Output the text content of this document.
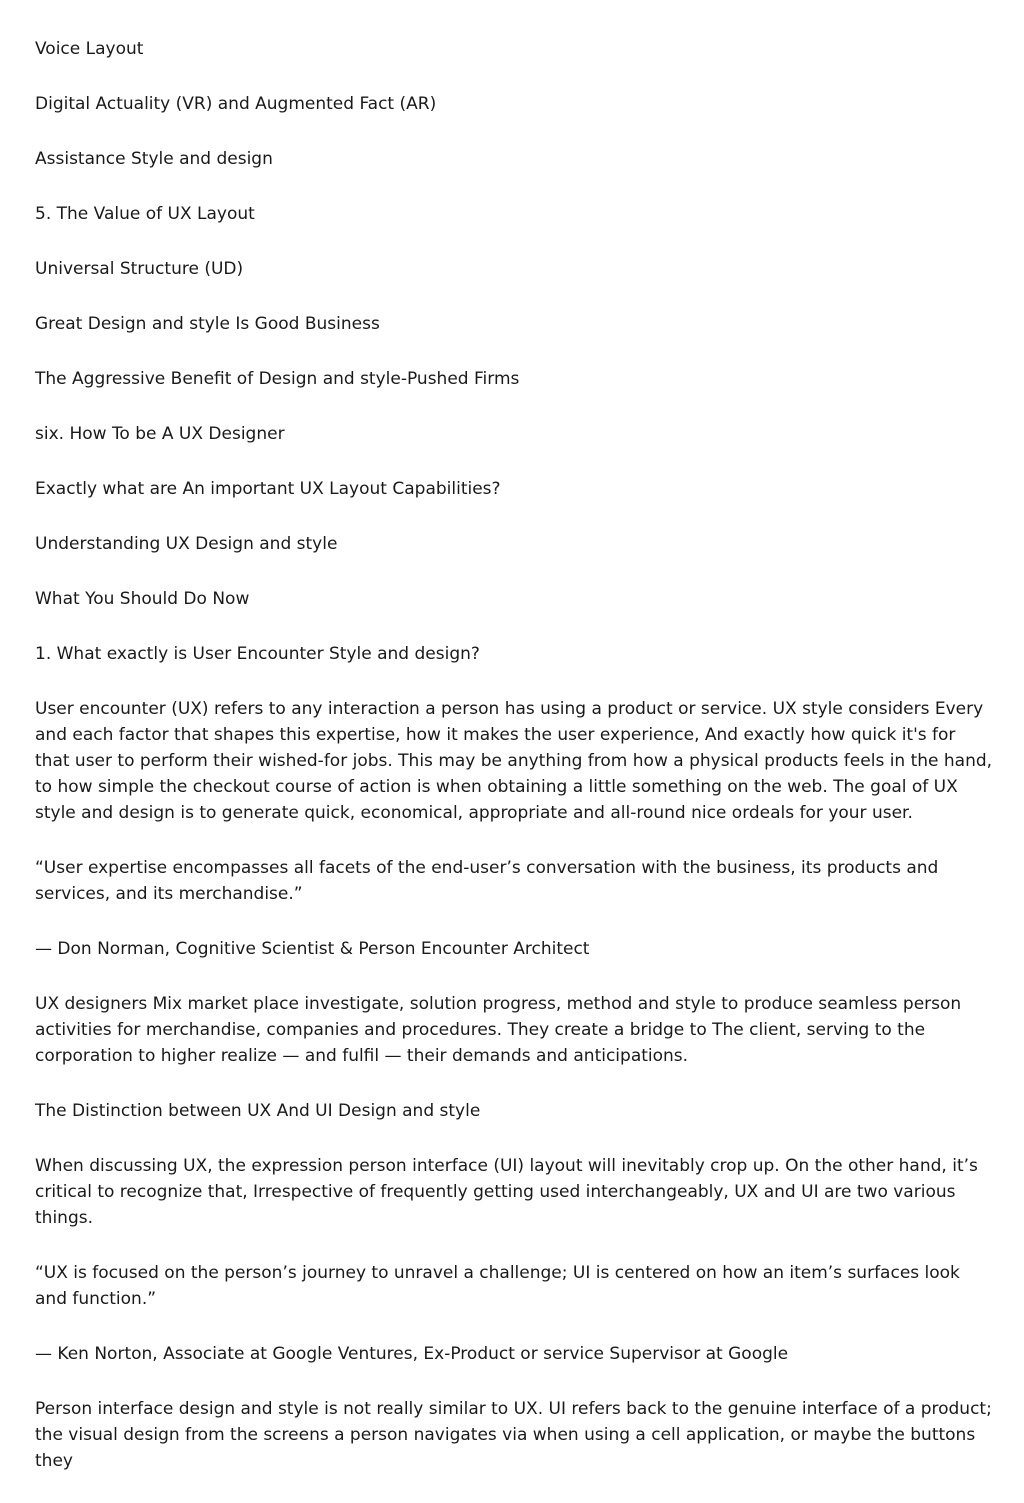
Voice Layout

Digital Actuality (VR) and Augmented Fact (AR)

Assistance Style and design

5. The Value of UX Layout

Universal Structure (UD)

Great Design and style Is Good Business

The Aggressive Benefit of Design and style-Pushed Firms

six. How To be A UX Designer

Exactly what are An important UX Layout Capabilities?

Understanding UX Design and style

What You Should Do Now

1. What exactly is User Encounter Style and design?

User encounter (UX) refers to any interaction a person has using a product or service. UX style considers Every and each factor that shapes this expertise, how it makes the user experience, And exactly how quick it's for that user to perform their wished-for jobs. This may be anything from how a physical products feels in the hand, to how simple the checkout course of action is when obtaining a little something on the web. The goal of UX style and design is to generate quick, economical, appropriate and all-round nice ordeals for your user.

“User expertise encompasses all facets of the end-user’s conversation with the business, its products and services, and its merchandise.”

— Don Norman, Cognitive Scientist & Person Encounter Architect

UX designers Mix market place investigate, solution progress, method and style to produce seamless person activities for merchandise, companies and procedures. They create a bridge to The client, serving to the corporation to higher realize — and fulfil — their demands and anticipations.

The Distinction between UX And UI Design and style

When discussing UX, the expression person interface (UI) layout will inevitably crop up. On the other hand, it’s critical to recognize that, Irrespective of frequently getting used interchangeably, UX and UI are two various things.

“UX is focused on the person’s journey to unravel a challenge; UI is centered on how an item’s surfaces look and function.”

— Ken Norton, Associate at Google Ventures, Ex-Product or service Supervisor at Google

Person interface design and style is not really similar to UX. UI refers back to the genuine interface of a product; the visual design from the screens a person navigates via when using a cell application, or maybe the buttons they
